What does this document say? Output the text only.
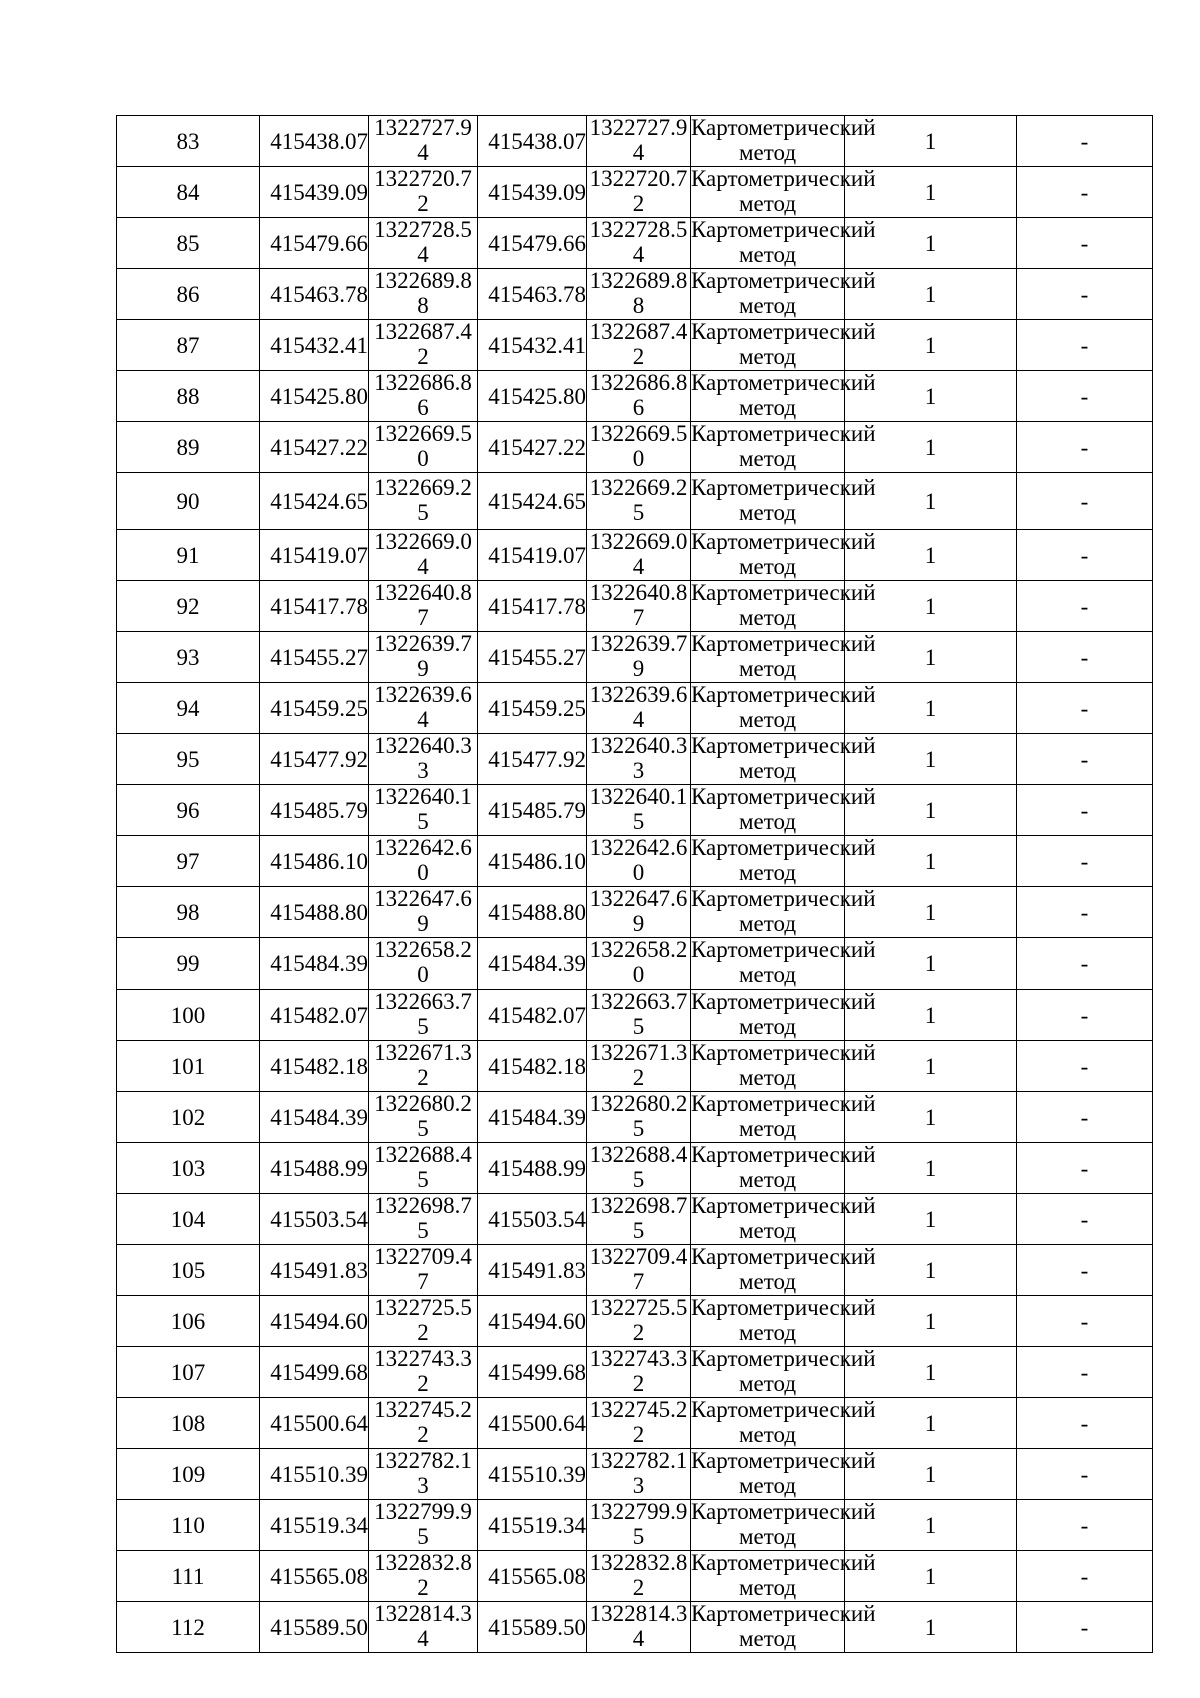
83	415438.07	1322727.94	415438.07	1322727.94	Картометрический метод	1	-
84	415439.09	1322720.72	415439.09	1322720.72	Картометрический метод	1	-
85	415479.66	1322728.54	415479.66	1322728.54	Картометрический метод	1	-
86	415463.78	1322689.88	415463.78	1322689.88	Картометрический метод	1	-
87	415432.41	1322687.42	415432.41	1322687.42	Картометрический метод	1	-
88	415425.80	1322686.86	415425.80	1322686.86	Картометрический метод	1	-
89	415427.22	1322669.50	415427.22	1322669.50	Картометрический метод	1	-
90	415424.65	1322669.25	415424.65	1322669.25	Картометрический метод	1	-
91	415419.07	1322669.04	415419.07	1322669.04	Картометрический метод	1	-
92	415417.78	1322640.87	415417.78	1322640.87	Картометрический метод	1	-
93	415455.27	1322639.79	415455.27	1322639.79	Картометрический метод	1	-
94	415459.25	1322639.64	415459.25	1322639.64	Картометрический метод	1	-
95	415477.92	1322640.33	415477.92	1322640.33	Картометрический метод	1	-
96	415485.79	1322640.15	415485.79	1322640.15	Картометрический метод	1	-
97	415486.10	1322642.60	415486.10	1322642.60	Картометрический метод	1	-
98	415488.80	1322647.69	415488.80	1322647.69	Картометрический метод	1	-
99	415484.39	1322658.20	415484.39	1322658.20	Картометрический метод	1	-
100	415482.07	1322663.75	415482.07	1322663.75	Картометрический метод	1	-
101	415482.18	1322671.32	415482.18	1322671.32	Картометрический метод	1	-
102	415484.39	1322680.25	415484.39	1322680.25	Картометрический метод	1	-
103	415488.99	1322688.45	415488.99	1322688.45	Картометрический метод	1	-
104	415503.54	1322698.75	415503.54	1322698.75	Картометрический метод	1	-
105	415491.83	1322709.47	415491.83	1322709.47	Картометрический метод	1	-
106	415494.60	1322725.52	415494.60	1322725.52	Картометрический метод	1	-
107	415499.68	1322743.32	415499.68	1322743.32	Картометрический метод	1	-
108	415500.64	1322745.22	415500.64	1322745.22	Картометрический метод	1	-
109	415510.39	1322782.13	415510.39	1322782.13	Картометрический метод	1	-
110	415519.34	1322799.95	415519.34	1322799.95	Картометрический метод	1	-
111	415565.08	1322832.82	415565.08	1322832.82	Картометрический метод	1	-
112	415589.50	1322814.34	415589.50	1322814.34	Картометрический метод	1	-
